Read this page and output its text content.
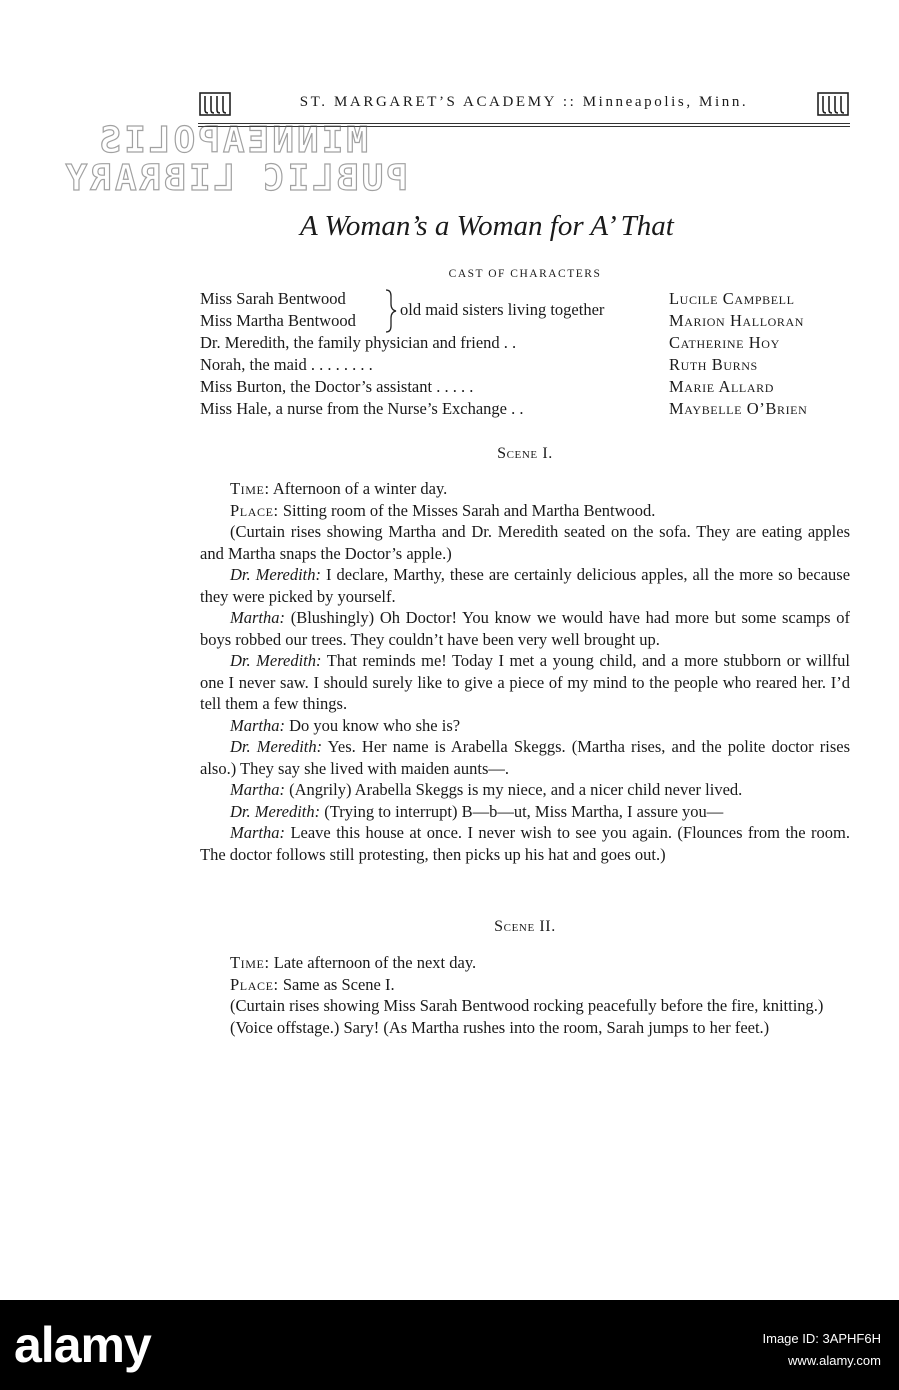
ST. MARGARET’S ACADEMY :: Minneapolis, Minn.
MINNEAPOLIS
PUBLIC LIBRARY
A Woman’s a Woman for A’ That
CAST OF CHARACTERS
Miss Sarah Bentwood	Lucile Campbell
Miss Martha Bentwood	Marion Halloran
old maid sisters living together
Dr. Meredith, the family physician and friend . .	Catherine Hoy
Norah, the maid . . . . . . . .	Ruth Burns
Miss Burton, the Doctor’s assistant . . . . .	Marie Allard
Miss Hale, a nurse from the Nurse’s Exchange . .	Maybelle O’Brien
Scene I.

Time: Afternoon of a winter day.

Place: Sitting room of the Misses Sarah and Martha Bentwood.

(Curtain rises showing Martha and Dr. Meredith seated on the sofa. They are eating apples and Martha snaps the Doctor’s apple.)

Dr. Meredith: I declare, Marthy, these are certainly delicious apples, all the more so because they were picked by yourself.

Martha: (Blushingly) Oh Doctor! You know we would have had more but some scamps of boys robbed our trees. They couldn’t have been very well brought up.

Dr. Meredith: That reminds me! Today I met a young child, and a more stubborn or willful one I never saw. I should surely like to give a piece of my mind to the people who reared her. I’d tell them a few things.

Martha: Do you know who she is?

Dr. Meredith: Yes. Her name is Arabella Skeggs. (Martha rises, and the polite doctor rises also.) They say she lived with maiden aunts—.

Martha: (Angrily) Arabella Skeggs is my niece, and a nicer child never lived.

Dr. Meredith: (Trying to interrupt) B—b—ut, Miss Martha, I assure you—

Martha: Leave this house at once. I never wish to see you again. (Flounces from the room. The doctor follows still protesting, then picks up his hat and goes out.)

Scene II.

Time: Late afternoon of the next day.

Place: Same as Scene I.

(Curtain rises showing Miss Sarah Bentwood rocking peacefully before the fire, knitting.)

(Voice offstage.) Sary! (As Martha rushes into the room, Sarah jumps to her feet.)

alamy	Image ID: 3APHF6H
www.alamy.com
